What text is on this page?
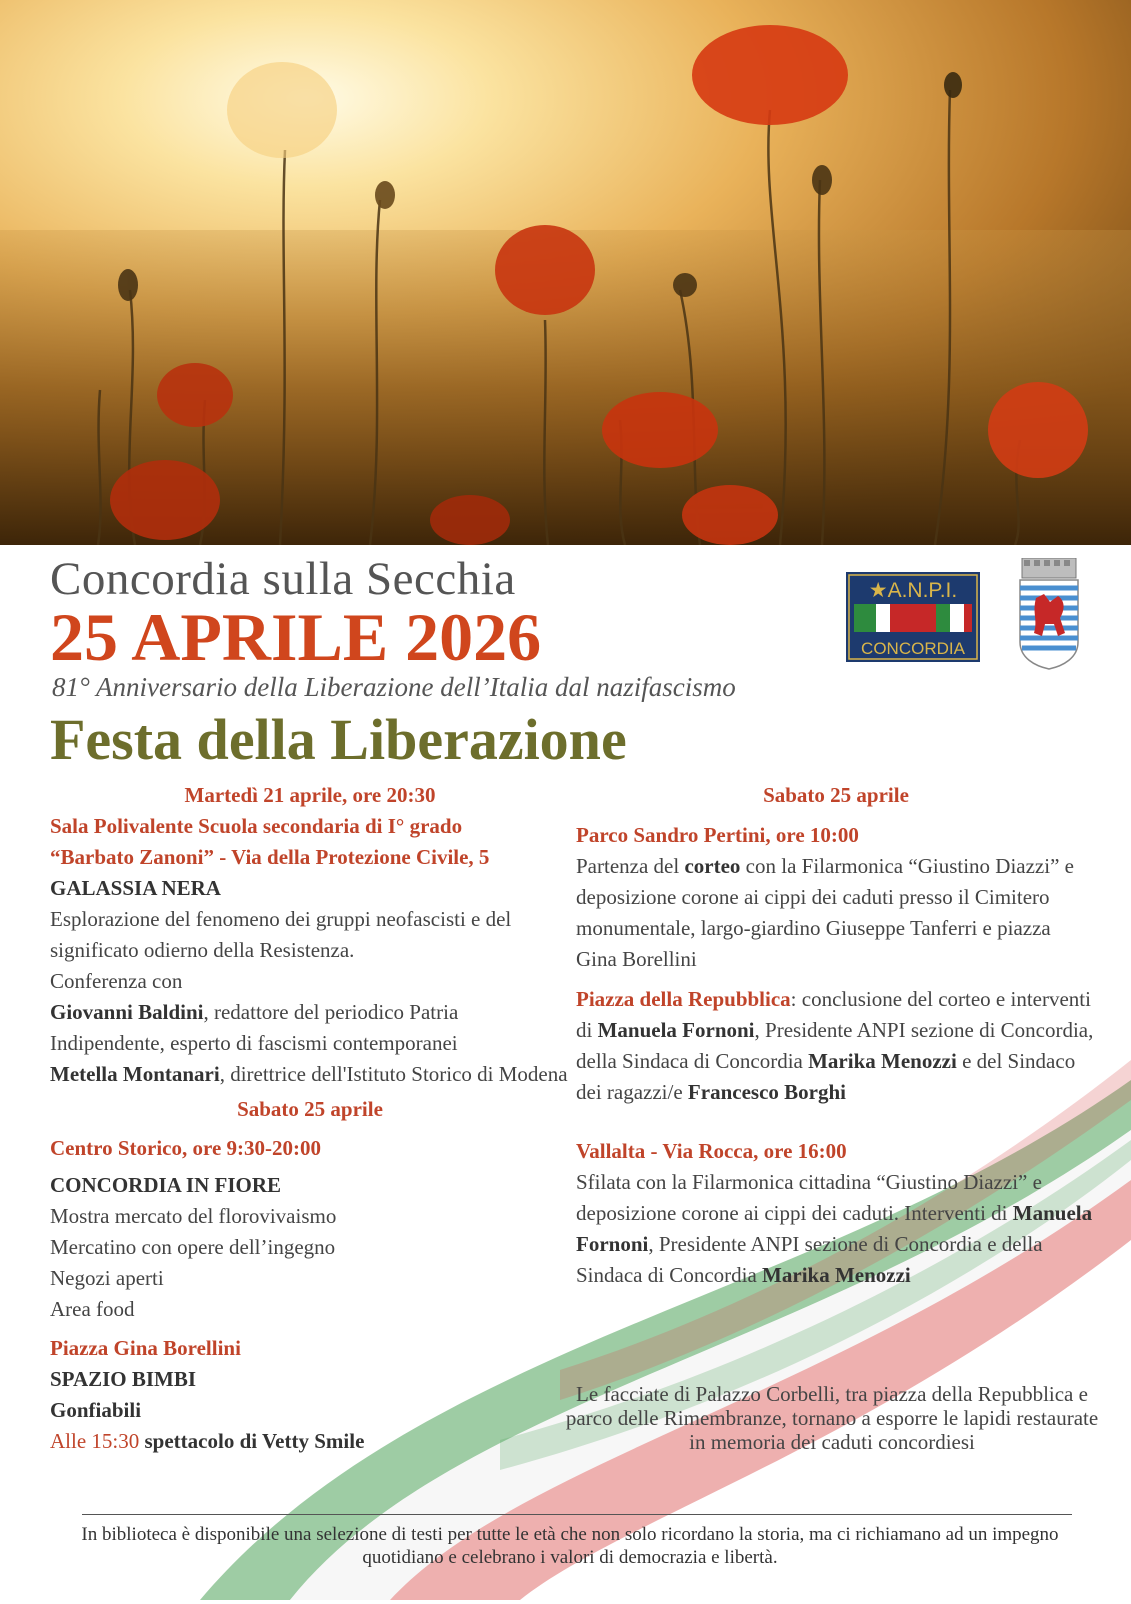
Concordia sulla Secchia
25 APRILE 2026
81° Anniversario della Liberazione dell’Italia dal nazifascismo
Festa della Liberazione
★A.N.P.I.
CONCORDIA

Martedì 21 aprile, ore 20:30

Sala Polivalente Scuola secondaria di I° grado

“Barbato Zanoni” - Via della Protezione Civile, 5

GALASSIA NERA

Esplorazione del fenomeno dei gruppi neofascisti e del significato odierno della Resistenza.

Conferenza con

Giovanni Baldini, redattore del periodico Patria Indipendente, esperto di fascismi contemporanei

Metella Montanari, direttrice dell'Istituto Storico di Modena

Sabato 25 aprile

Centro Storico, ore 9:30-20:00

CONCORDIA IN FIORE

Mostra mercato del florovivaismo

Mercatino con opere dell’ingegno

Negozi aperti

Area food

Piazza Gina Borellini

SPAZIO BIMBI

Gonfiabili

Alle 15:30 spettacolo di Vetty Smile

Sabato 25 aprile

Parco Sandro Pertini, ore 10:00

Partenza del corteo con la Filarmonica “Giustino Diazzi” e deposizione corone ai cippi dei caduti presso il Cimitero monumentale, largo-giardino Giuseppe Tanferri e piazza Gina Borellini

Piazza della Repubblica: conclusione del corteo e interventi di Manuela Fornoni, Presidente ANPI sezione di Concordia, della Sindaca di Concordia Marika Menozzi e del Sindaco dei ragazzi/e Francesco Borghi

Vallalta - Via Rocca, ore 16:00

Sfilata con la Filarmonica cittadina “Giustino Diazzi” e deposizione corone ai cippi dei caduti. Interventi di Manuela Fornoni, Presidente ANPI sezione di Concordia e della Sindaca di Concordia Marika Menozzi

Le facciate di Palazzo Corbelli, tra piazza della Repubblica e parco delle Rimembranze, tornano a esporre le lapidi restaurate in memoria dei caduti concordiesi
In biblioteca è disponibile una selezione di testi per tutte le età che non solo ricordano la storia, ma ci richiamano ad un impegno quotidiano e celebrano i valori di democrazia e libertà.
